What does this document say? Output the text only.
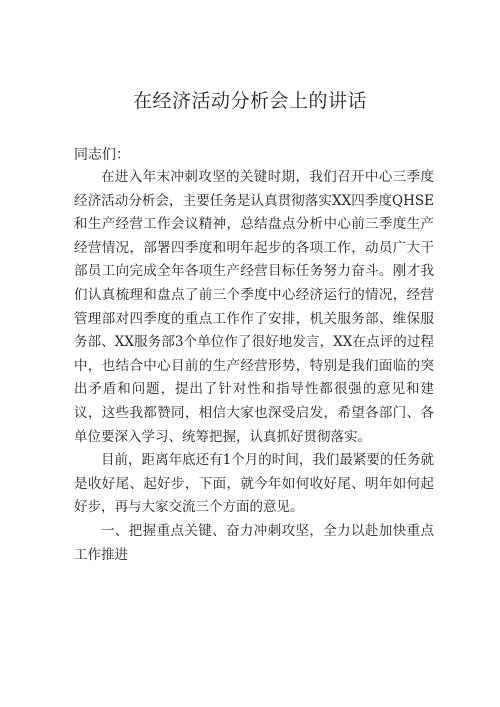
在经济活动分析会上的讲话
同志们：

在进入年末冲刺攻坚的关键时期，我们召开中心三季度经济活动分析会，主要任务是认真贯彻落实XX四季度QHSE和生产经营工作会议精神，总结盘点分析中心前三季度生产经营情况，部署四季度和明年起步的各项工作，动员广大干部员工向完成全年各项生产经营目标任务努力奋斗。刚才我们认真梳理和盘点了前三个季度中心经济运行的情况，经营管理部对四季度的重点工作作了安排，机关服务部、维保服务部、XX服务部3个单位作了很好地发言，XX在点评的过程中，也结合中心目前的生产经营形势，特别是我们面临的突出矛盾和问题，提出了针对性和指导性都很强的意见和建议，这些我都赞同，相信大家也深受启发，希望各部门、各单位要深入学习、统筹把握，认真抓好贯彻落实。

目前，距离年底还有1个月的时间，我们最紧要的任务就是收好尾、起好步，下面，就今年如何收好尾、明年如何起好步，再与大家交流三个方面的意见。

一、把握重点关键、奋力冲刺攻坚，全力以赴加快重点工作推进
